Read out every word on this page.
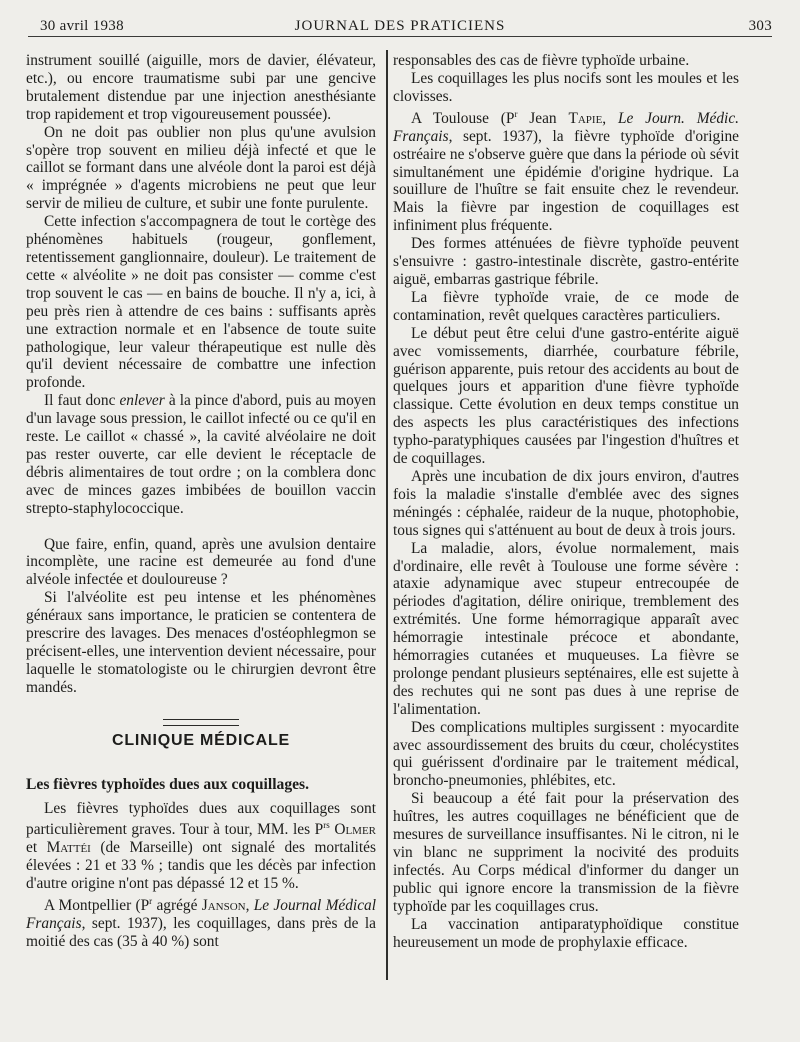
30 avril 1938	JOURNAL DES PRATICIENS	303

instrument souillé (aiguille, mors de davier, élévateur, etc.), ou encore traumatisme subi par une gencive brutalement distendue par une injection anesthésiante trop rapidement et trop vigoureusement poussée).

On ne doit pas oublier non plus qu'une avulsion s'opère trop souvent en milieu déjà infecté et que le caillot se formant dans une alvéole dont la paroi est déjà « imprégnée » d'agents microbiens ne peut que leur servir de milieu de culture, et subir une fonte purulente.

Cette infection s'accompagnera de tout le cortège des phénomènes habituels (rougeur, gonflement, retentissement ganglionnaire, douleur). Le traitement de cette « alvéolite » ne doit pas consister — comme c'est trop souvent le cas — en bains de bouche. Il n'y a, ici, à peu près rien à attendre de ces bains : suffisants après une extraction normale et en l'absence de toute suite pathologique, leur valeur thérapeutique est nulle dès qu'il devient nécessaire de combattre une infection profonde.

Il faut donc enlever à la pince d'abord, puis au moyen d'un lavage sous pression, le caillot infecté ou ce qu'il en reste. Le caillot « chassé », la cavité alvéolaire ne doit pas rester ouverte, car elle devient le réceptacle de débris alimentaires de tout ordre ; on la comblera donc avec de minces gazes imbibées de bouillon vaccin strepto-staphylococcique.

Que faire, enfin, quand, après une avulsion dentaire incomplète, une racine est demeurée au fond d'une alvéole infectée et douloureuse ?

Si l'alvéolite est peu intense et les phénomènes généraux sans importance, le praticien se contentera de prescrire des lavages. Des menaces d'ostéophlegmon se précisent-elles, une intervention devient nécessaire, pour laquelle le stomatologiste ou le chirurgien devront être mandés.

CLINIQUE MÉDICALE
Les fièvres typhoïdes dues aux coquillages.

Les fièvres typhoïdes dues aux coquillages sont particulièrement graves. Tour à tour, MM. les $P^{rs}$ Olmer et Mattéi (de Marseille) ont signalé des mortalités élevées : 21 et 33 % ; tandis que les décès par infection d'autre origine n'ont pas dépassé 12 et 15 %.

A Montpellier ($P^r$ agrégé Janson, Le Journal Médical Français, sept. 1937), les coquillages, dans près de la moitié des cas (35 à 40 %) sont

responsables des cas de fièvre typhoïde urbaine.

Les coquillages les plus nocifs sont les moules et les clovisses.

A Toulouse ($P^r$ Jean Tapie, Le Journ. Médic. Français, sept. 1937), la fièvre typhoïde d'origine ostréaire ne s'observe guère que dans la période où sévit simultanément une épidémie d'origine hydrique. La souillure de l'huître se fait ensuite chez le revendeur. Mais la fièvre par ingestion de coquillages est infiniment plus fréquente.

Des formes atténuées de fièvre typhoïde peuvent s'ensuivre : gastro-intestinale discrète, gastro-entérite aiguë, embarras gastrique fébrile.

La fièvre typhoïde vraie, de ce mode de contamination, revêt quelques caractères particuliers.

Le début peut être celui d'une gastro-entérite aiguë avec vomissements, diarrhée, courbature fébrile, guérison apparente, puis retour des accidents au bout de quelques jours et apparition d'une fièvre typhoïde classique. Cette évolution en deux temps constitue un des aspects les plus caractéristiques des infections typho-paratyphiques causées par l'ingestion d'huîtres et de coquillages.

Après une incubation de dix jours environ, d'autres fois la maladie s'installe d'emblée avec des signes méningés : céphalée, raideur de la nuque, photophobie, tous signes qui s'atténuent au bout de deux à trois jours.

La maladie, alors, évolue normalement, mais d'ordinaire, elle revêt à Toulouse une forme sévère : ataxie adynamique avec stupeur entrecoupée de périodes d'agitation, délire onirique, tremblement des extrémités. Une forme hémorragique apparaît avec hémorragie intestinale précoce et abondante, hémorragies cutanées et muqueuses. La fièvre se prolonge pendant plusieurs septénaires, elle est sujette à des rechutes qui ne sont pas dues à une reprise de l'alimentation.

Des complications multiples surgissent : myocardite avec assourdissement des bruits du cœur, cholécystites qui guérissent d'ordinaire par le traitement médical, broncho-pneumonies, phlébites, etc.

Si beaucoup a été fait pour la préservation des huîtres, les autres coquillages ne bénéficient que de mesures de surveillance insuffisantes. Ni le citron, ni le vin blanc ne suppriment la nocivité des produits infectés. Au Corps médical d'informer du danger un public qui ignore encore la transmission de la fièvre typhoïde par les coquillages crus.

La vaccination antiparatyphoïdique constitue heureusement un mode de prophylaxie efficace.
